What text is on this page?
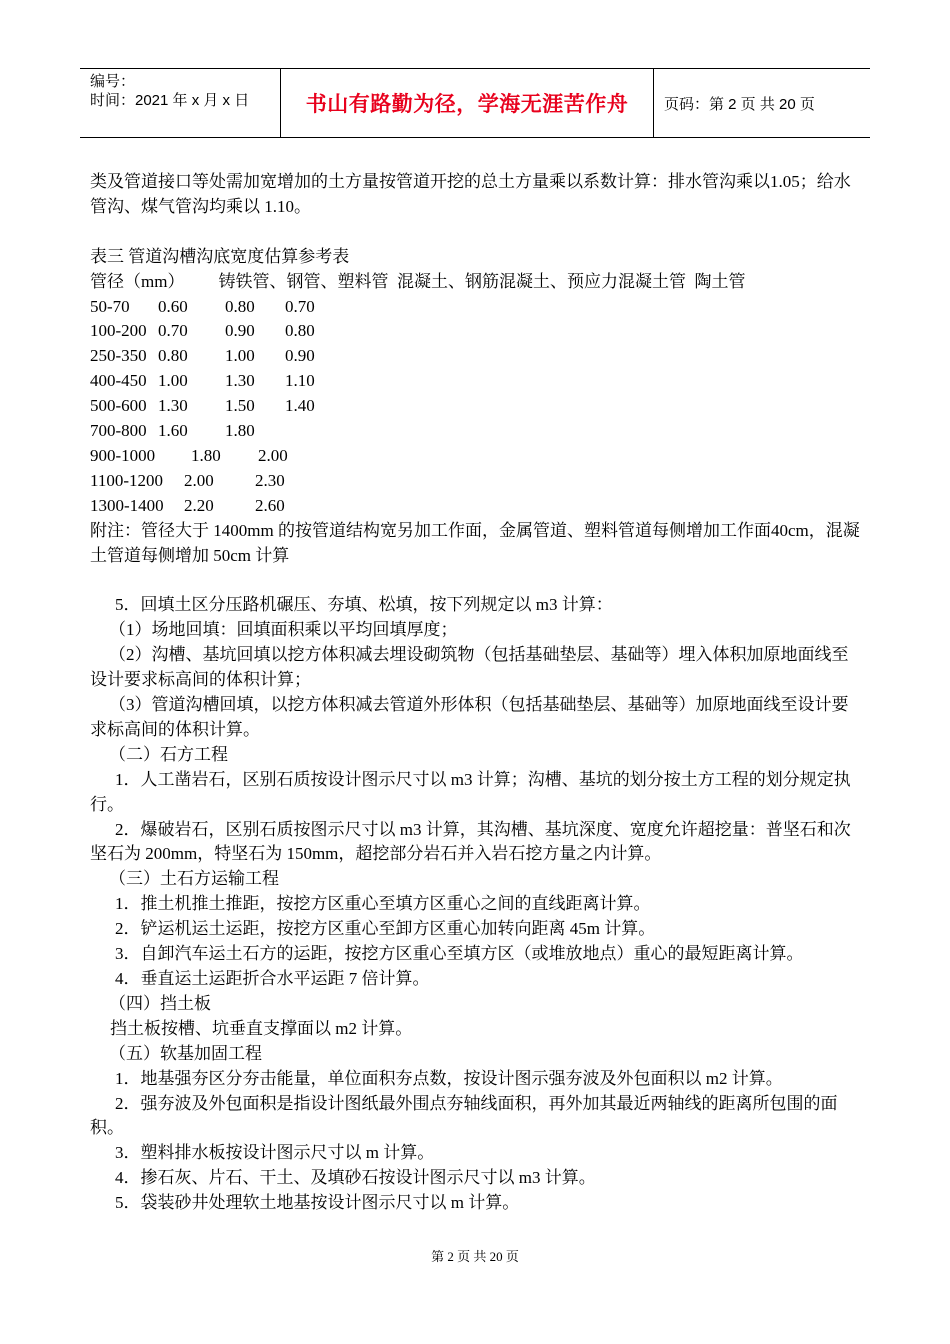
编号：
时间：2021 年 x 月 x 日	书山有路勤为径，学海无涯苦作舟	页码：第 2 页 共 20 页

类及管道接口等处需加宽增加的土方量按管道开挖的总土方量乘以系数计算：排水管沟乘以1.05；给水管沟、煤气管沟均乘以 1.10。

表三 管道沟槽沟底宽度估算参考表

管径（mm）        铸铁管、钢管、塑料管  混凝土、钢筋混凝土、预应力混凝土管  陶土管

50-70	0.60	0.80	0.70
100-200 0.70	0.90	0.80
250-350 0.80	1.00	0.90
400-450 1.00	1.30	1.10
500-600 1.30	1.50	1.40
700-800 1.60	1.80
900-1000	1.80	2.00
1100-1200	2.00	2.30
1300-1400	2.20	2.60

附注：管径大于 1400mm 的按管道结构宽另加工作面，金属管道、塑料管道每侧增加工作面40cm，混凝土管道每侧增加 50cm 计算

5．回填土区分压路机碾压、夯填、松填，按下列规定以 m3 计算：

（1）场地回填：回填面积乘以平均回填厚度；

（2）沟槽、基坑回填以挖方体积减去埋设砌筑物（包括基础垫层、基础等）埋入体积加原地面线至设计要求标高间的体积计算；

（3）管道沟槽回填，以挖方体积减去管道外形体积（包括基础垫层、基础等）加原地面线至设计要求标高间的体积计算。

（二）石方工程

1．人工凿岩石，区别石质按设计图示尺寸以 m3 计算；沟槽、基坑的划分按土方工程的划分规定执行。

2．爆破岩石，区别石质按图示尺寸以 m3 计算，其沟槽、基坑深度、宽度允许超挖量：普坚石和次坚石为 200mm，特坚石为 150mm，超挖部分岩石并入岩石挖方量之内计算。

（三）土石方运输工程

1．推土机推土推距，按挖方区重心至填方区重心之间的直线距离计算。

2．铲运机运土运距，按挖方区重心至卸方区重心加转向距离 45m 计算。

3．自卸汽车运土石方的运距，按挖方区重心至填方区（或堆放地点）重心的最短距离计算。

4．垂直运土运距折合水平运距 7 倍计算。

（四）挡土板

挡土板按槽、坑垂直支撑面以 m2 计算。

（五）软基加固工程

1．地基强夯区分夯击能量，单位面积夯点数，按设计图示强夯波及外包面积以 m2 计算。

2．强夯波及外包面积是指设计图纸最外围点夯轴线面积，再外加其最近两轴线的距离所包围的面积。

3．塑料排水板按设计图示尺寸以 m 计算。

4．掺石灰、片石、干土、及填砂石按设计图示尺寸以 m3 计算。

5．袋装砂井处理软土地基按设计图示尺寸以 m 计算。

第 2 页 共 20 页
